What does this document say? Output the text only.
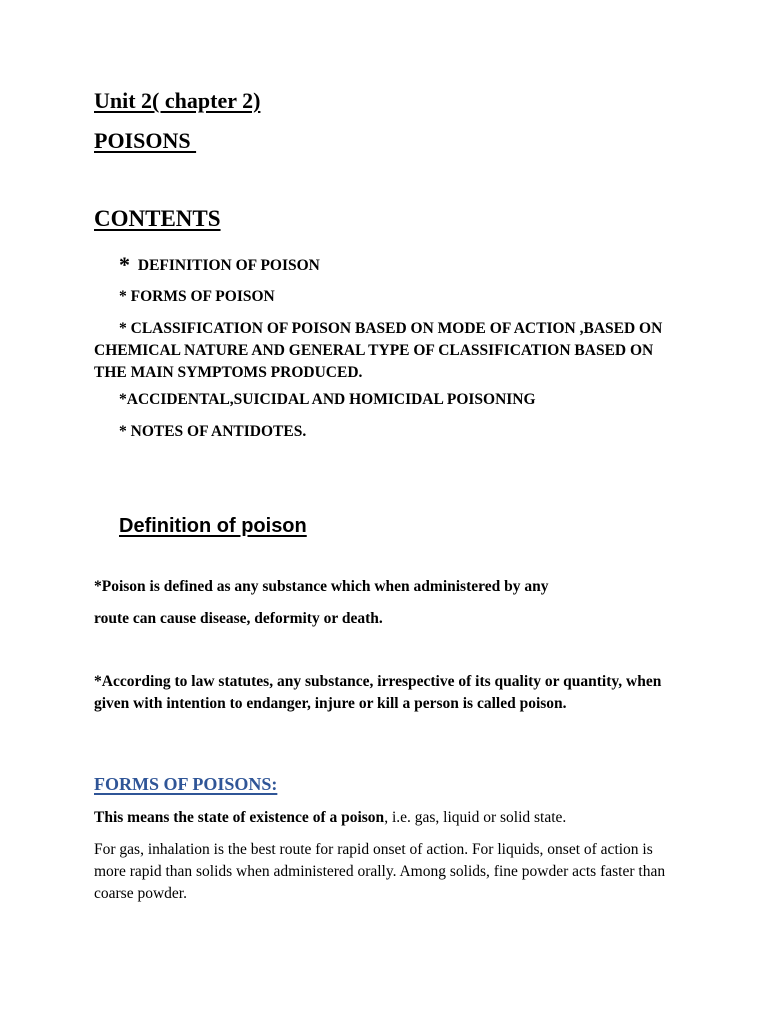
Unit 2( chapter 2)
POISONS
CONTENTS
* DEFINITION OF POISON
* FORMS OF POISON
* CLASSIFICATION OF POISON BASED ON MODE OF ACTION ,BASED ON CHEMICAL NATURE AND GENERAL TYPE OF CLASSIFICATION BASED ON THE MAIN SYMPTOMS PRODUCED.
*ACCIDENTAL,SUICIDAL AND HOMICIDAL POISONING
* NOTES OF ANTIDOTES.
Definition of poison
*Poison is defined as any substance which when administered by any
route can cause disease, deformity or death.
*According to law statutes, any substance, irrespective of its quality or quantity, when given with intention to endanger, injure or kill a person is called poison.
FORMS OF POISONS:
This means the state of existence of a poison, i.e. gas, liquid or solid state.
For gas, inhalation is the best route for rapid onset of action. For liquids, onset of action is more rapid than solids when administered orally. Among solids, fine powder acts faster than coarse powder.
